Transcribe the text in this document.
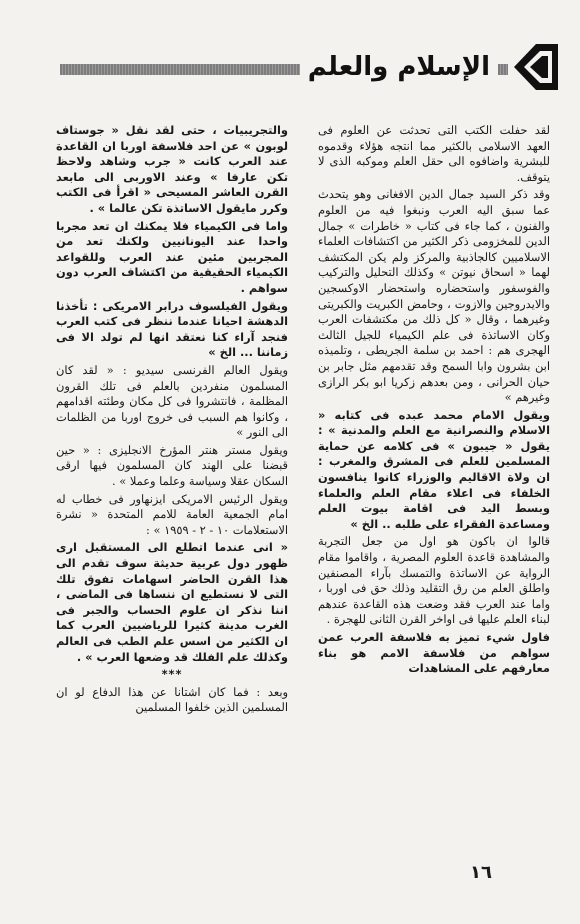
الإسلام والعلم

لقد حفلت الكتب التى تحدثت عن العلوم فى العهد الاسلامى بالكثير مما انتجه هؤلاء وقدموه للبشرية واضافوه الى حقل العلم وموكبه الذى لا يتوقف.

وقد ذكر السيد جمال الدين الافغانى وهو يتحدث عما سبق اليه العرب ونبغوا فيه من العلوم والفنون ، كما جاء فى كتاب « خاطرات » جمال الدين للمخزومى ذكر الكثير من اكتشافات العلماء الاسلاميين كالجاذبية والمركز ولم يكن المكتشف لهما « اسحاق نيوتن » وكذلك التحليل والتركيب والفوسفور واستحضاره واستحضار الاوكسجين والايدروجين والازوت ، وحامض الكبريت والكبريتى وغيرهما ، وقال « كل ذلك من مكتشفات العرب وكان الاساتذة فى علم الكيمياء للجيل الثالث الهجرى هم : احمد بن سلمة الجريطى ، وتلميذه ابن بشرون وابا السمح وقد تقدمهم مثل جابر بن حيان الحرانى ، ومن بعدهم زكريا ابو بكر الرازى وغيرهم »

ويقول الامام محمد عبده فى كتابه « الاسلام والنصرانية مع العلم والمدنية » : يقول « جيبون » فى كلامه عن حماية المسلمين للعلم فى المشرق والمغرب : ان ولاة الاقاليم والوزراء كانوا ينافسون الخلفاء فى اعلاء مقام العلم والعلماء وبسط اليد فى اقامة بيوت العلم ومساعدة الفقراء على طلبه .. الخ »

قالوا ان باكون هو اول من جعل التجربة والمشاهدة قاعدة العلوم المصرية ، واقاموا مقام الرواية عن الاساتذة والتمسك بآراء المصنفين واطلق العلم من رق التقليد وذلك حق فى اوربا ، واما عند العرب فقد وضعت هذه القاعدة عندهم لبناء العلم عليها فى اواخر القرن الثانى للهجرة .

فاول شيء تميز به فلاسفة العرب عمن سواهم من فلاسفة الامم هو بناء معارفهم على المشاهدات

والتجريبيات ، حتى لقد نقل « جوستاف لوبون » عن احد فلاسفة اوربا ان القاعدة عند العرب كانت « جرب وشاهد ولاحظ تكن عارفا » وعند الاوربى الى مابعد القرن العاشر المسيحى « اقرأ فى الكتب وكرر مايقول الاساتذة تكن عالما » .

واما فى الكيمياء فلا يمكنك ان تعد مجربا واحدا عند اليونانيين ولكنك تعد من المجربين مئين عند العرب وللقواعد الكيمياء الحقيقية من اكتشاف العرب دون سواهم .

ويقول الفيلسوف درابر الامريكى : تأخذنا الدهشة احيانا عندما ننظر فى كتب العرب فنجد آراء كنا نعتقد انها لم تولد الا فى زماننا ... الخ »

ويقول العالم الفرنسى سيديو : « لقد كان المسلمون منفردين بالعلم فى تلك القرون المظلمة ، فانتشروا فى كل مكان وطئته اقدامهم ، وكانوا هم السبب فى خروج اوربا من الظلمات الى النور »

ويقول مستر هنتر المؤرخ الانجليزى : « حين قبضنا على الهند كان المسلمون فيها ارقى السكان عقلا وسياسة وعلما وعملا » .

ويقول الرئيس الامريكى ايزنهاور فى خطاب له امام الجمعية العامة للامم المتحدة « نشرة الاستعلامات ١٠ - ٢ - ١٩٥٩ » :

« انى عندما اتطلع الى المستقبل ارى ظهور دول عربية حديثة سوف تقدم الى هذا القرن الحاضر اسهامات تفوق تلك التى لا نستطيع ان ننساها فى الماضى ، اننا نذكر ان علوم الحساب والجبر فى الغرب مدينة كثيرا للرياضيين العرب كما ان الكثير من اسس علم الطب فى العالم وكذلك علم الفلك قد وضعها العرب » .

***

وبعد : فما كان اشتانا عن هذا الدفاع لو ان المسلمين الذين خلفوا المسلمين

١٦
